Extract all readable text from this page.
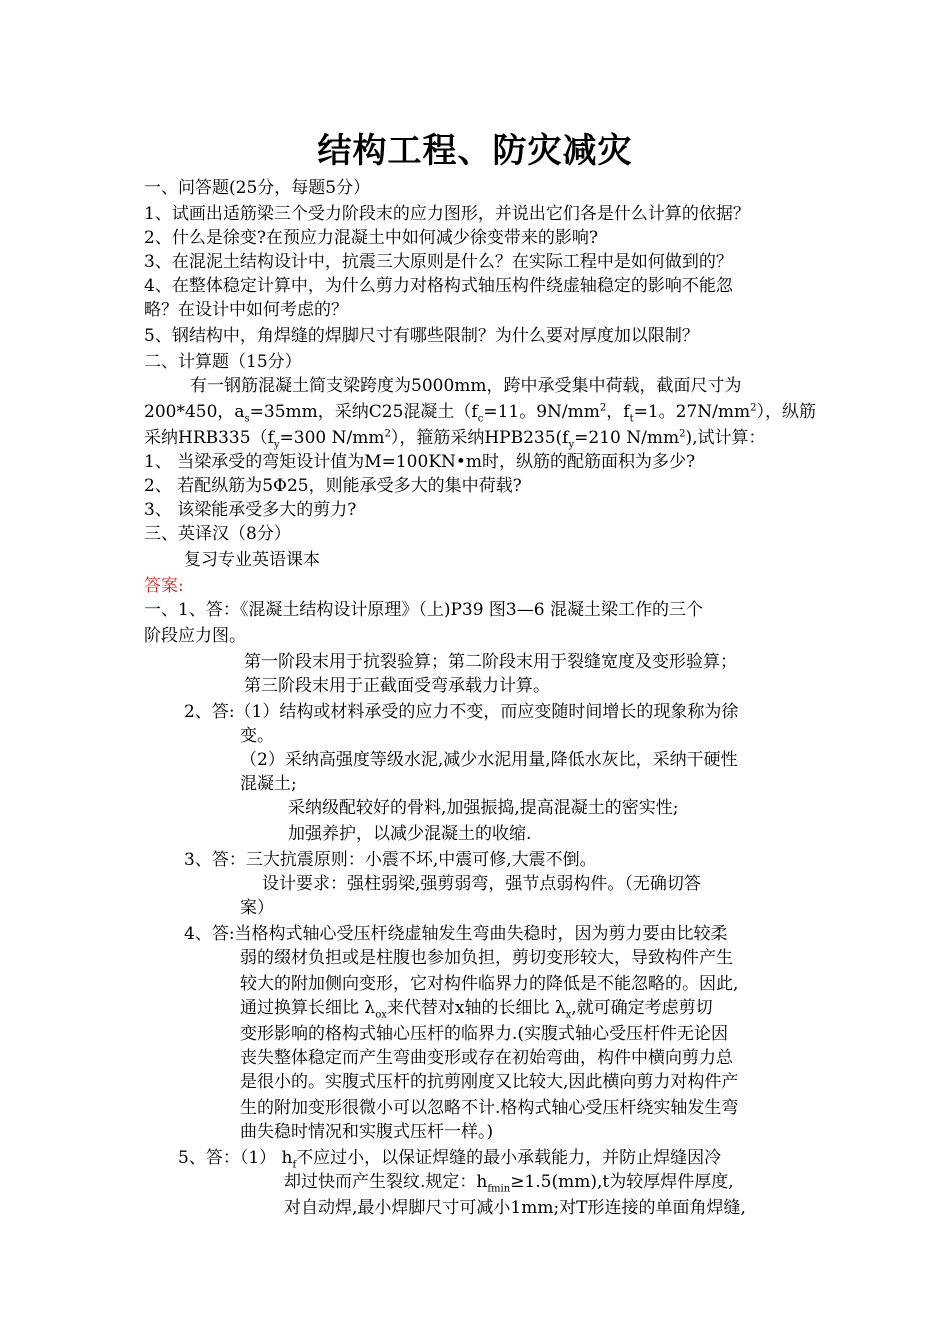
结构工程、防灾减灾
一、问答题(25分，每题5分）
1、试画出适筋梁三个受力阶段末的应力图形，并说出它们各是什么计算的依据？
2、什么是徐变?在预应力混凝土中如何减少徐变带来的影响?
3、在混泥土结构设计中，抗震三大原则是什么？在实际工程中是如何做到的？
4、在整体稳定计算中，为什么剪力对格构式轴压构件绕虚轴稳定的影响不能忽
略？在设计中如何考虑的？
5、钢结构中，角焊缝的焊脚尺寸有哪些限制？为什么要对厚度加以限制？
二、计算题（15分）
有一钢筋混凝土简支梁跨度为5000mm，跨中承受集中荷载，截面尺寸为
200*450，$a_s=35mm$，采纳C25混凝土（$f_c=11$。$9N/mm^2$，$f_t=1$。$27N/mm^2$），纵筋
采纳$HRB335(f_y=300$ $N/mm^2$），箍筋采纳$HPB235(f_y=210$ $N/mm^2$),试计算：
1、 当梁承受的弯矩设计值为M=100KN•m时，纵筋的配筋面积为多少?
2、 若配纵筋为5Φ25，则能承受多大的集中荷载?
3、 该梁能承受多大的剪力?
三、英译汉（8分）
复习专业英语课本
答案:
一、1、答：《混凝土结构设计原理》（上)P39 图3—6 混凝土梁工作的三个
阶段应力图。
第一阶段末用于抗裂验算；第二阶段末用于裂缝宽度及变形验算；
第三阶段末用于正截面受弯承载力计算。
2、答:（1）结构或材料承受的应力不变，而应变随时间增长的现象称为徐
变。
（2）采纳高强度等级水泥,减少水泥用量,降低水灰比，采纳干硬性
混凝土;
采纳级配较好的骨料,加强振捣,提高混凝土的密实性;
加强养护，以减少混凝土的收缩.
3、答：三大抗震原则：小震不坏,中震可修,大震不倒。
设计要求：强柱弱梁,强剪弱弯，强节点弱构件。（无确切答
案）
4、答:当格构式轴心受压杆绕虚轴发生弯曲失稳时，因为剪力要由比较柔
弱的缀材负担或是柱腹也参加负担，剪切变形较大，导致构件产生
较大的附加侧向变形，它对构件临界力的降低是不能忽略的。因此,
通过换算长细比 $\lambda_{ox}$来代替对x轴的长细比 $\lambda_x$,就可确定考虑剪切
变形影响的格构式轴心压杆的临界力.(实腹式轴心受压杆件无论因
丧失整体稳定而产生弯曲变形或存在初始弯曲，构件中横向剪力总
是很小的。实腹式压杆的抗剪刚度又比较大,因此横向剪力对构件产
生的附加变形很微小可以忽略不计.格构式轴心受压杆绕实轴发生弯
曲失稳时情况和实腹式压杆一样。)
5、答：（1） $h_f$不应过小，以保证焊缝的最小承载能力，并防止焊缝因冷
却过快而产生裂纹.规定：$h_{fmin}\ge 1.5(mm),t$为较厚焊件厚度,
对自动焊,最小焊脚尺寸可减小1mm;对T形连接的单面角焊缝,
